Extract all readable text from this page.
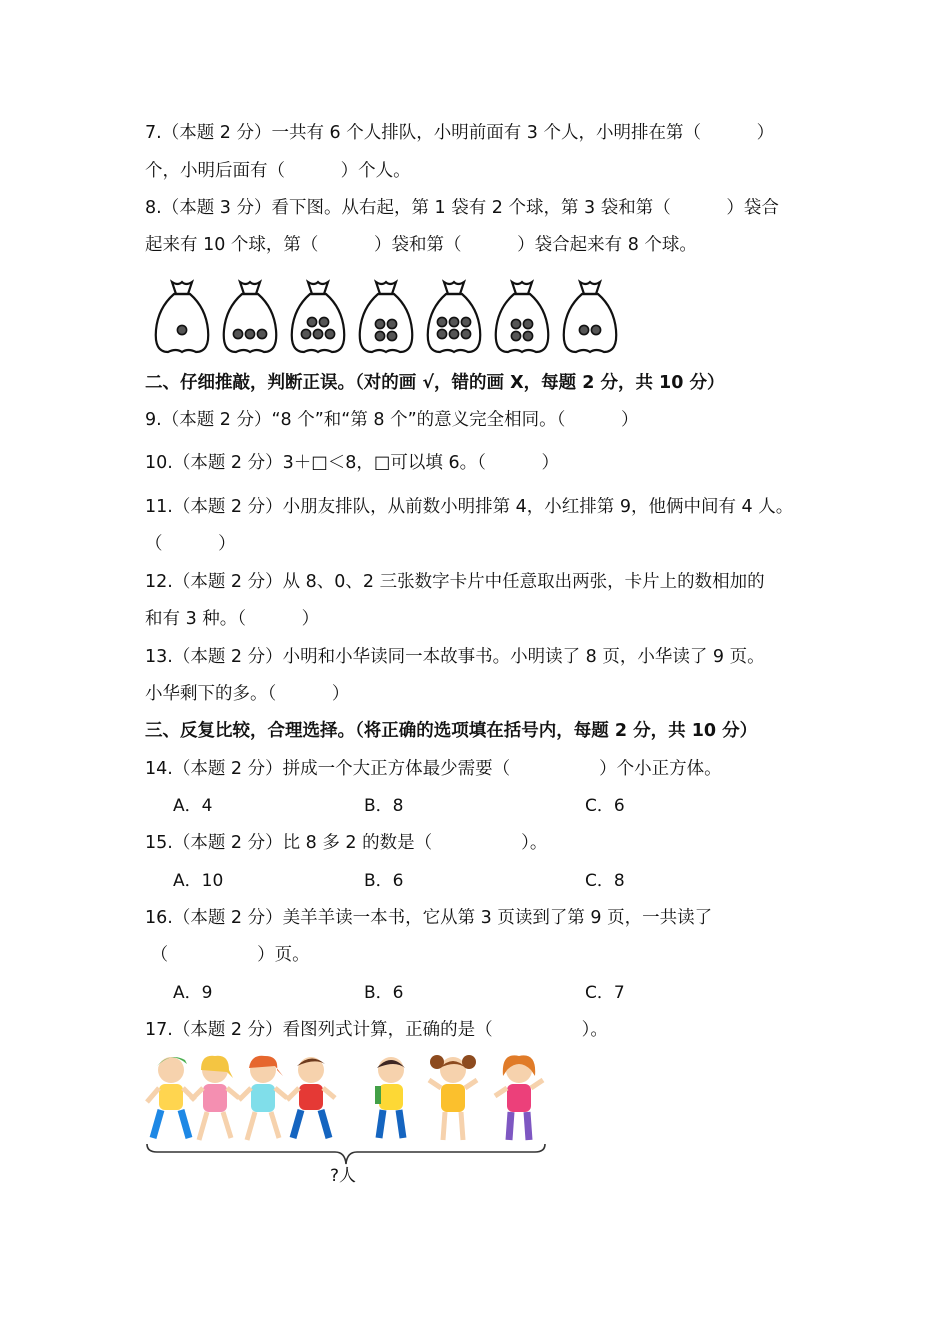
7.（本题 2 分）一共有 6 个人排队，小明前面有 3 个人，小明排在第（          ）
个，小明后面有（          ）个人。
8.（本题 3 分）看下图。从右起，第 1 袋有 2 个球，第 3 袋和第（          ）袋合
起来有 10 个球，第（          ）袋和第（          ）袋合起来有 8 个球。
二、仔细推敲，判断正误。（对的画 √，错的画 X，每题 2 分，共 10 分）
9.（本题 2 分）“8 个”和“第 8 个”的意义完全相同。（          ）
10.（本题 2 分）3＋□＜8，□可以填 6。（          ）
11.（本题 2 分）小朋友排队，从前数小明排第 4，小红排第 9，他俩中间有 4 人。
（          ）
12.（本题 2 分）从 8、0、2 三张数字卡片中任意取出两张，卡片上的数相加的
和有 3 种。（          ）
13.（本题 2 分）小明和小华读同一本故事书。小明读了 8 页，小华读了 9 页。
小华剩下的多。（          ）
三、反复比较，合理选择。（将正确的选项填在括号内，每题 2 分，共 10 分）
14.（本题 2 分）拼成一个大正方体最少需要（                ）个小正方体。
A．4	B．8	C．6
15.（本题 2 分）比 8 多 2 的数是（                ）。
A．10	B．6	C．8
16.（本题 2 分）美羊羊读一本书，它从第 3 页读到了第 9 页，一共读了
（                ）页。
A．9	B．6	C．7
17.（本题 2 分）看图列式计算，正确的是（                ）。
?人
